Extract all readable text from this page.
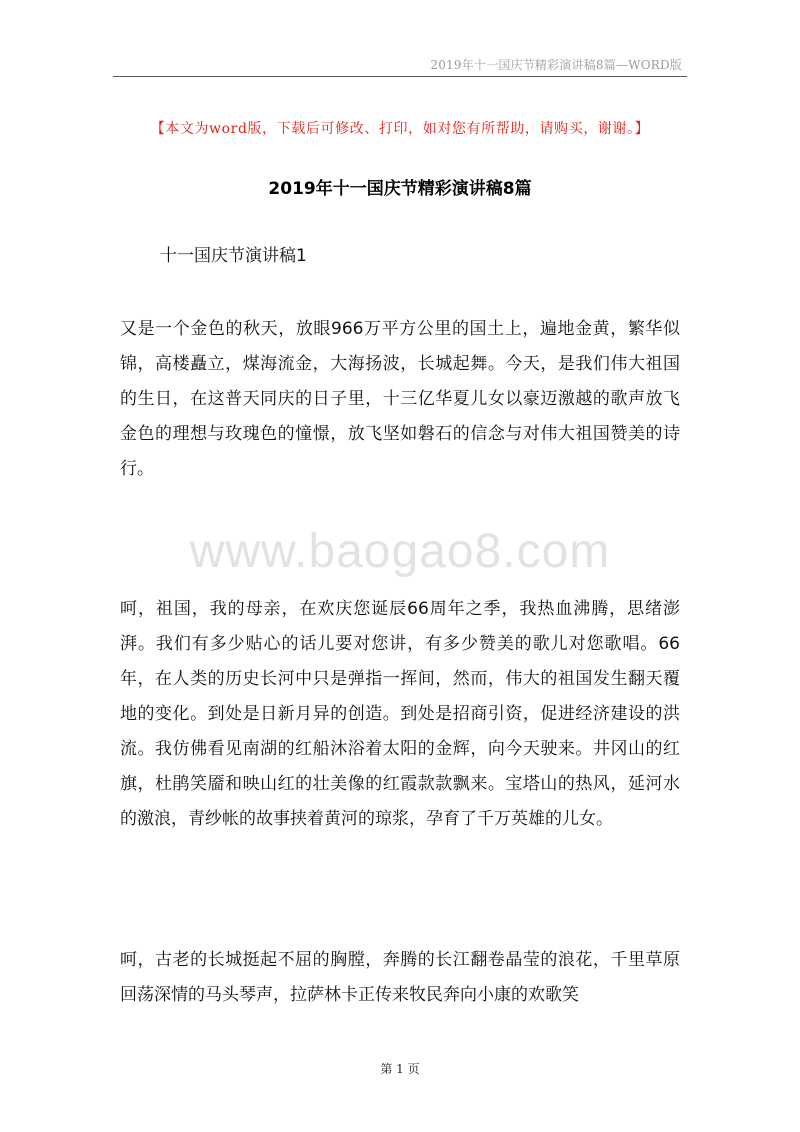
2019年十一国庆节精彩演讲稿8篇—WORD版
【本文为word版，下载后可修改、打印，如对您有所帮助，请购买，谢谢。】
2019年十一国庆节精彩演讲稿8篇
十一国庆节演讲稿1

又是一个金色的秋天，放眼966万平方公里的国土上，遍地金黄，繁华似锦，高楼矗立，煤海流金，大海扬波，长城起舞。今天，是我们伟大祖国的生日，在这普天同庆的日子里，十三亿华夏儿女以豪迈激越的歌声放飞金色的理想与玫瑰色的憧憬，放飞坚如磐石的信念与对伟大祖国赞美的诗行。

www.baogao8.com

呵，祖国，我的母亲，在欢庆您诞辰66周年之季，我热血沸腾，思绪澎湃。我们有多少贴心的话儿要对您讲，有多少赞美的歌儿对您歌唱。66年，在人类的历史长河中只是弹指一挥间，然而，伟大的祖国发生翻天覆地的变化。到处是日新月异的创造。到处是招商引资，促进经济建设的洪流。我仿佛看见南湖的红船沐浴着太阳的金辉，向今天驶来。井冈山的红旗，杜鹃笑靥和映山红的壮美像的红霞款款飘来。宝塔山的热风，延河水的激浪，青纱帐的故事挟着黄河的琼浆，孕育了千万英雄的儿女。

呵，古老的长城挺起不屈的胸膛，奔腾的长江翻卷晶莹的浪花，千里草原回荡深情的马头琴声，拉萨林卡正传来牧民奔向小康的欢歌笑

第 1 页
